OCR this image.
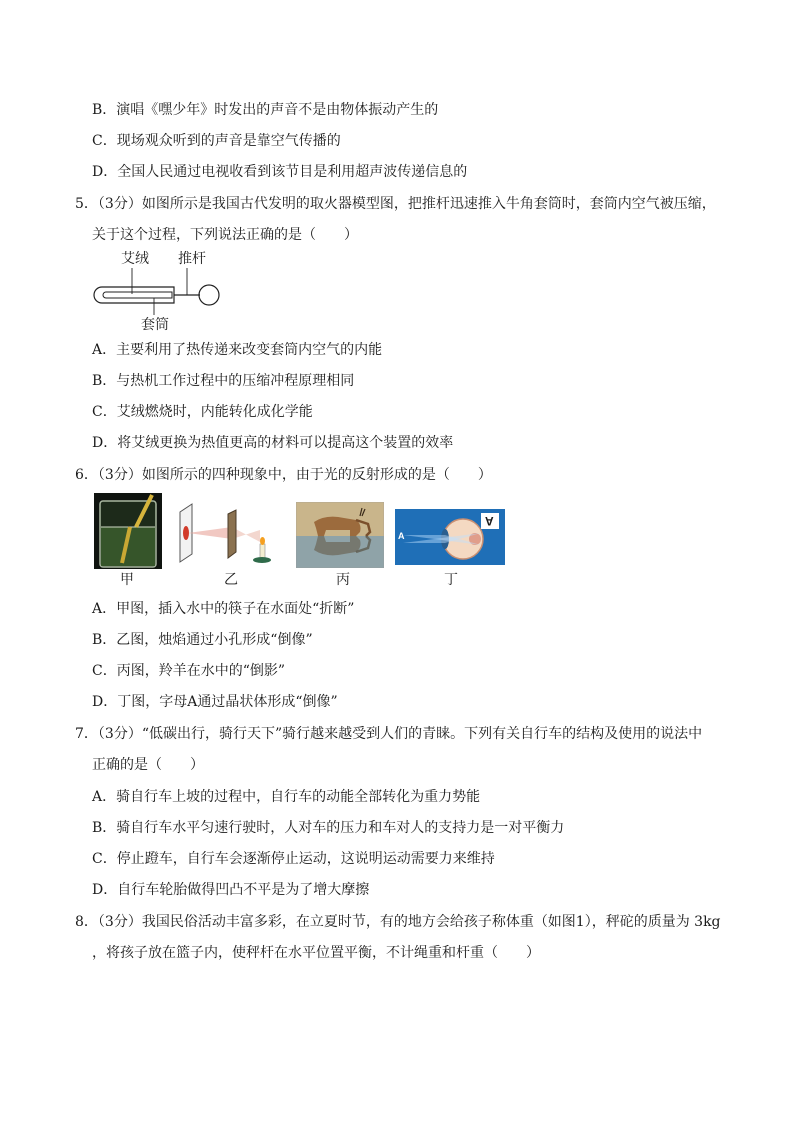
B．演唱《嘿少年》时发出的声音不是由物体振动产生的
C．现场观众听到的声音是靠空气传播的
D．全国人民通过电视收看到该节目是利用超声波传递信息的
5．（3分）如图所示是我国古代发明的取火器模型图，把推杆迅速推入牛角套筒时，套筒内空气被压缩，
关于这个过程，下列说法正确的是（　　）
艾绒 推杆
套筒
A．主要利用了热传递来改变套筒内空气的内能
B．与热机工作过程中的压缩冲程原理相同
C．艾绒燃烧时，内能转化成化学能
D．将艾绒更换为热值更高的材料可以提高这个装置的效率
6．（3分）如图所示的四种现象中，由于光的反射形成的是（　　）
甲	乙	丙
A
A
丁
A．甲图，插入水中的筷子在水面处“折断”
B．乙图，烛焰通过小孔形成“倒像”
C．丙图，羚羊在水中的“倒影”
D．丁图，字母A通过晶状体形成“倒像”
7．（3分）“低碳出行，骑行天下”骑行越来越受到人们的青睐。下列有关自行车的结构及使用的说法中
正确的是（　　）
A．骑自行车上坡的过程中，自行车的动能全部转化为重力势能
B．骑自行车水平匀速行驶时，人对车的压力和车对人的支持力是一对平衡力
C．停止蹬车，自行车会逐渐停止运动，这说明运动需要力来维持
D．自行车轮胎做得凹凸不平是为了增大摩擦
8．（3分）我国民俗活动丰富多彩，在立夏时节，有的地方会给孩子称体重（如图1），秤砣的质量为 3kg
，将孩子放在篮子内，使秤杆在水平位置平衡，不计绳重和杆重（　　）
